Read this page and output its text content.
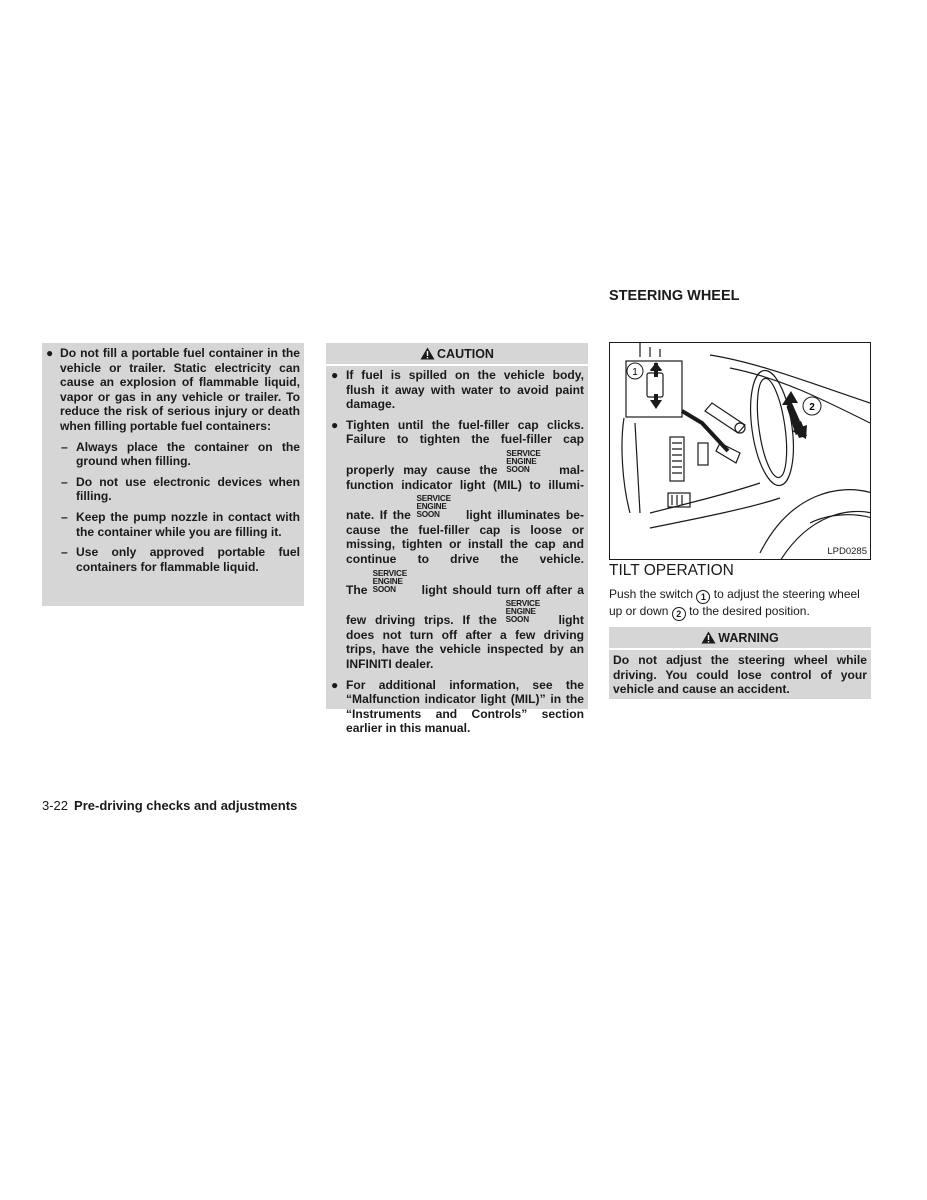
● Do not fill a portable fuel container in the vehicle or trailer. Static electricity can cause an explosion of flammable liquid, vapor or gas in any vehicle or trailer. To reduce the risk of serious injury or death when filling portable fuel containers:
– Always place the container on the ground when filling.
– Do not use electronic devices when filling.
– Keep the pump nozzle in contact with the container while you are filling it.
– Use only approved portable fuel containers for flammable liquid.
CAUTION
● If fuel is spilled on the vehicle body, flush it away with water to avoid paint damage.
● Tighten until the fuel-filler cap clicks.
Failure to tighten the fuel-filler cap
properly may cause the
SERVICE
ENGINE
SOON	mal-
function indicator light (MIL) to illumi-
nate. If the
SERVICE
ENGINE
SOON	light illuminates be-
cause the fuel-filler cap is loose or
missing, tighten or install the cap and
continue to drive the vehicle.
The
SERVICE
ENGINE
SOON	light should turn off after a
few driving trips. If the
SERVICE
ENGINE
SOON	light
does not turn off after a few driving
trips, have the vehicle inspected by an
INFINITI dealer.
● For additional information, see the “Malfunction indicator light (MIL)” in the “Instruments and Controls” section earlier in this manual.
STEERING WHEEL
1
2
LPD0285
TILT OPERATION
Push the switch 1 to adjust the steering wheel up or down 2 to the desired position.
WARNING
Do not adjust the steering wheel while driving. You could lose control of your vehicle and cause an accident.
3-22 Pre-driving checks and adjustments
